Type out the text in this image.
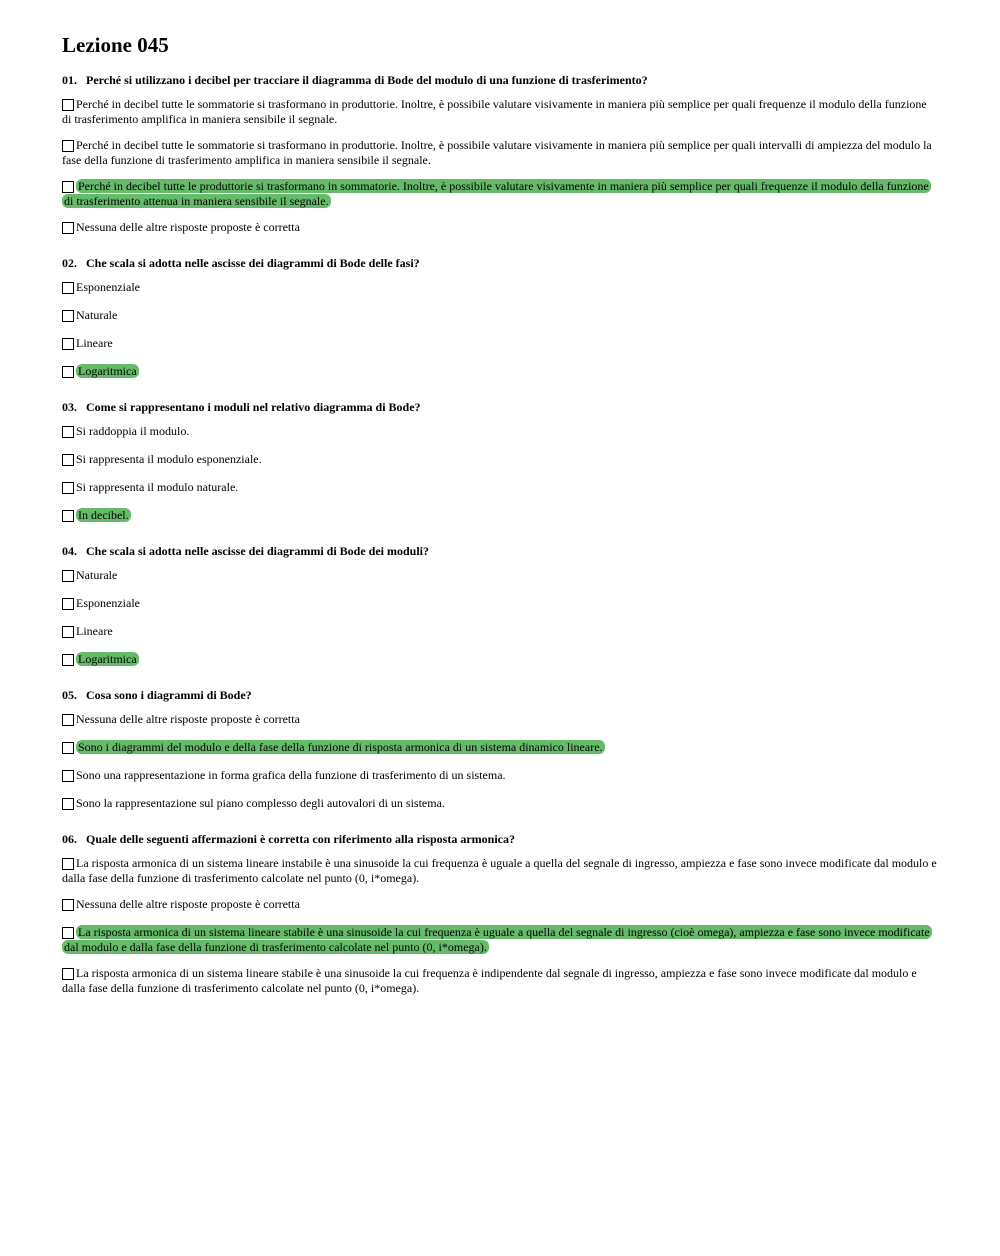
Lezione 045
01. Perché si utilizzano i decibel per tracciare il diagramma di Bode del modulo di una funzione di trasferimento?
Perché in decibel tutte le sommatorie si trasformano in produttorie. Inoltre, è possibile valutare visivamente in maniera più semplice per quali frequenze il modulo della funzione di trasferimento amplifica in maniera sensibile il segnale.
Perché in decibel tutte le sommatorie si trasformano in produttorie. Inoltre, è possibile valutare visivamente in maniera più semplice per quali intervalli di ampiezza del modulo la fase della funzione di trasferimento amplifica in maniera sensibile il segnale.
Perché in decibel tutte le produttorie si trasformano in sommatorie. Inoltre, è possibile valutare visivamente in maniera più semplice per quali frequenze il modulo della funzione di trasferimento attenua in maniera sensibile il segnale.
Nessuna delle altre risposte proposte è corretta
02. Che scala si adotta nelle ascisse dei diagrammi di Bode delle fasi?
Esponenziale
Naturale
Lineare
Logaritmica
03. Come si rappresentano i moduli nel relativo diagramma di Bode?
Si raddoppia il modulo.
Si rappresenta il modulo esponenziale.
Si rappresenta il modulo naturale.
In decibel.
04. Che scala si adotta nelle ascisse dei diagrammi di Bode dei moduli?
Naturale
Esponenziale
Lineare
Logaritmica
05. Cosa sono i diagrammi di Bode?
Nessuna delle altre risposte proposte è corretta
Sono i diagrammi del modulo e della fase della funzione di risposta armonica di un sistema dinamico lineare.
Sono una rappresentazione in forma grafica della funzione di trasferimento di un sistema.
Sono la rappresentazione sul piano complesso degli autovalori di un sistema.
06. Quale delle seguenti affermazioni è corretta con riferimento alla risposta armonica?
La risposta armonica di un sistema lineare instabile è una sinusoide la cui frequenza è uguale a quella del segnale di ingresso, ampiezza e fase sono invece modificate dal modulo e dalla fase della funzione di trasferimento calcolate nel punto (0, i*omega).
Nessuna delle altre risposte proposte è corretta
La risposta armonica di un sistema lineare stabile è una sinusoide la cui frequenza è uguale a quella del segnale di ingresso (cioè omega), ampiezza e fase sono invece modificate dal modulo e dalla fase della funzione di trasferimento calcolate nel punto (0, i*omega).
La risposta armonica di un sistema lineare stabile è una sinusoide la cui frequenza è indipendente dal segnale di ingresso, ampiezza e fase sono invece modificate dal modulo e dalla fase della funzione di trasferimento calcolate nel punto (0, i*omega).
